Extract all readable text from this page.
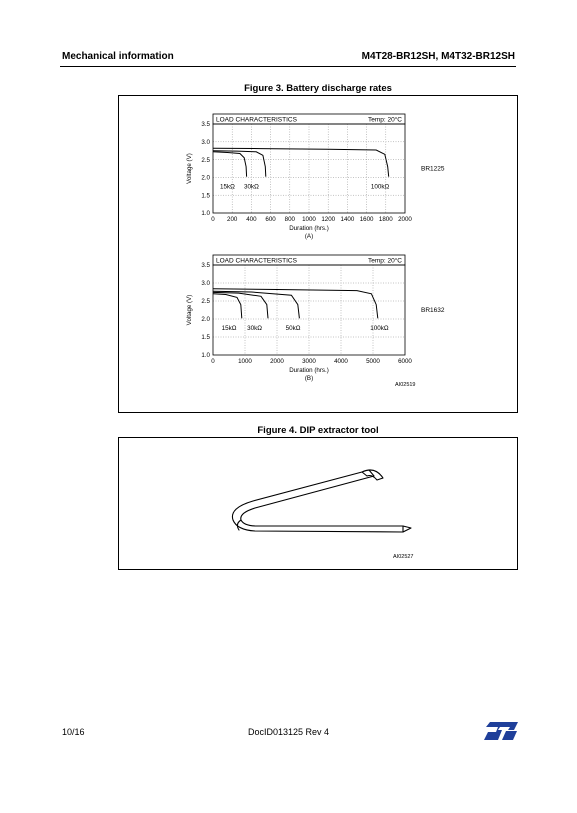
Mechanical information	M4T28-BR12SH, M4T32-BR12SH
Figure 3. Battery discharge rates
LOAD CHARACTERISTICS	Temp: 20°C
0 200 400 600 800 1000 1200 1400 1600 1800 2000
1.0
1.5
2.0
2.5
3.0
3.5
15kΩ 30kΩ	100kΩ
Duration (hrs.)
(A)
Voltage (V)	BR1225
LOAD CHARACTERISTICS	Temp: 20°C
0	1000	2000	3000	4000	5000	6000
1.0
1.5
2.0
2.5
3.0
3.5
15kΩ 30kΩ	50kΩ	100kΩ
Duration (hrs.)
(B)
Voltage (V)	BR1632
AI02519
Figure 4. DIP extractor tool
AI02527
10/16	DocID013125 Rev 4
